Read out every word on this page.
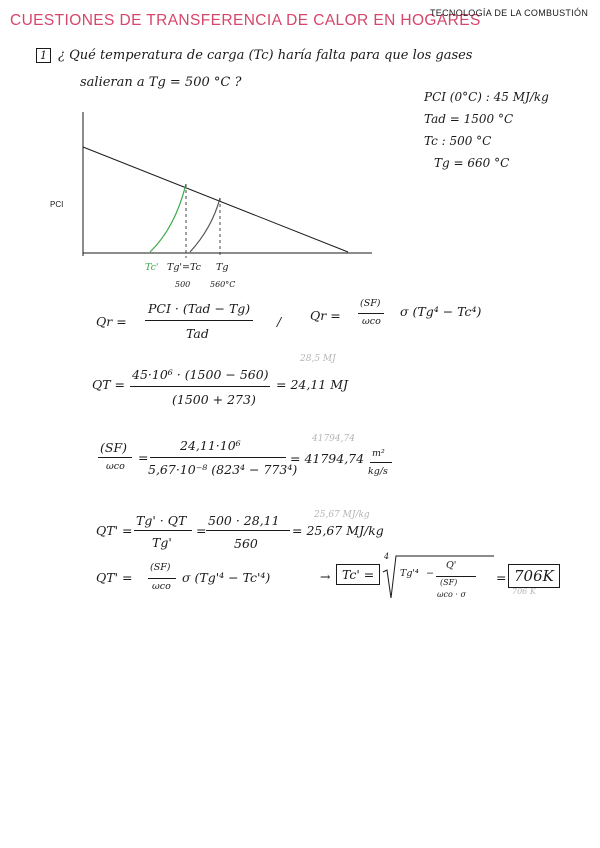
CUESTIONES DE TRANSFERENCIA DE CALOR EN HOGARES
TECNOLOGÍA DE LA COMBUSTIÓN
1 ¿ Qué temperatura de carga (Tc) haría falta para que los gases
salieran a Tg = 500 °C ?
PCI (0°C) : 45 MJ/kg
Tad = 1500 °C
Tc : 500 °C
Tg = 660 °C
PCI
Tc' Tg'=Tc Tg
500 560°C
Qr =
PCI · (Tad − Tg)
Tad
/ Qr =
(SF)
ωco
σ (Tg⁴ − Tc⁴)
28,5 MJ
QT =
45·10⁶ · (1500 − 560)
(1500 + 273)
= 24,11 MJ
41794,74
(SF)
ωco
=
24,11·10⁶
5,67·10⁻⁸ (823⁴ − 773⁴)
= 41794,74 m²
kg/s
25,67 MJ/kg
QT' =
Tg' · QT
Tg'
=
500 · 28,11
560
= 25,67 MJ/kg
QT' =
(SF)
ωco
σ (Tg'⁴ − Tc'⁴)	→ Tc' =
4
Tg'⁴ −
Q'
(SF)
ωco · σ
= 706K
706 K
